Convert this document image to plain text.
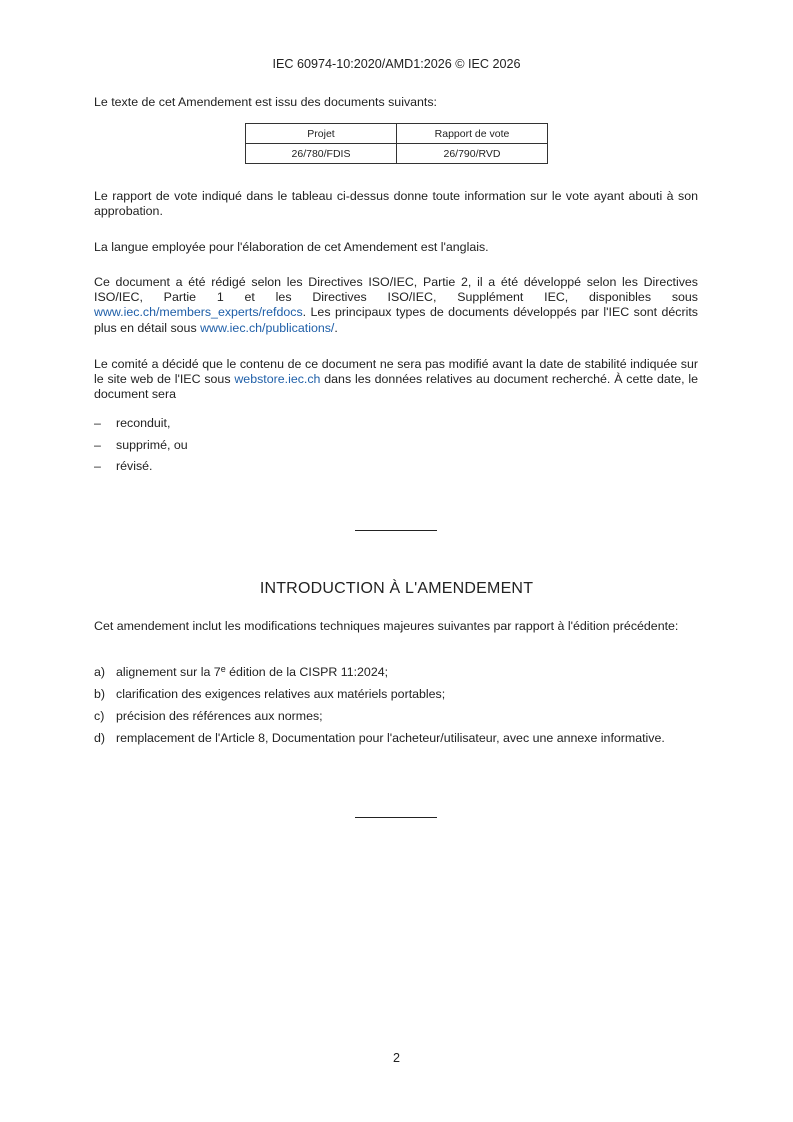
IEC 60974-10:2020/AMD1:2026 © IEC 2026
Le texte de cet Amendement est issu des documents suivants:
Projet	Rapport de vote
26/780/FDIS	26/790/RVD
Le rapport de vote indiqué dans le tableau ci-dessus donne toute information sur le vote ayant abouti à son approbation.
La langue employée pour l'élaboration de cet Amendement est l'anglais.
Ce document a été rédigé selon les Directives ISO/IEC, Partie 2, il a été développé selon les Directives ISO/IEC, Partie 1 et les Directives ISO/IEC, Supplément IEC, disponibles sous www.iec.ch/members_experts/refdocs. Les principaux types de documents développés par l'IEC sont décrits plus en détail sous www.iec.ch/publications/.
Le comité a décidé que le contenu de ce document ne sera pas modifié avant la date de stabilité indiquée sur le site web de l'IEC sous webstore.iec.ch dans les données relatives au document recherché. À cette date, le document sera
– reconduit,
– supprimé, ou
– révisé.
INTRODUCTION À L'AMENDEMENT
Cet amendement inclut les modifications techniques majeures suivantes par rapport à l'édition précédente:
a) alignement sur la 7e édition de la CISPR 11:2024;
b) clarification des exigences relatives aux matériels portables;
c) précision des références aux normes;
d) remplacement de l'Article 8, Documentation pour l'acheteur/utilisateur, avec une annexe informative.
2
